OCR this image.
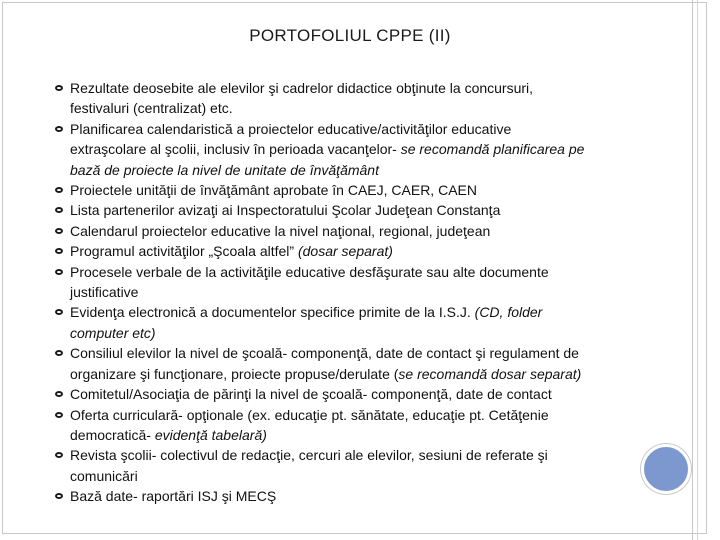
PORTOFOLIUL CPPE (II)
Rezultate deosebite ale elevilor şi cadrelor didactice obţinute la concursuri,
festivaluri (centralizat) etc.
Planificarea calendaristică a proiectelor educative/activităţilor educative
extraşcolare al şcolii, inclusiv în perioada vacanţelor- se recomandă planificarea pe
bază de proiecte la nivel de unitate de învăţământ
Proiectele unităţii de învăţământ aprobate în CAEJ, CAER, CAEN
Lista partenerilor avizaţi ai Inspectoratului Şcolar Judeţean Constanţa
Calendarul proiectelor educative la nivel naţional, regional, judeţean
Programul activităţilor „Şcoala altfel” (dosar separat)
Procesele verbale de la activităţile educative desfăşurate sau alte documente
justificative
Evidenţa electronică a documentelor specifice primite de la I.S.J. (CD, folder
computer etc)
Consiliul elevilor la nivel de şcoală- componenţă, date de contact şi regulament de
organizare şi funcţionare, proiecte propuse/derulate (se recomandă dosar separat)
Comitetul/Asociaţia de părinţi la nivel de şcoală- componenţă, date de contact
Oferta curriculară- opţionale (ex. educaţie pt. sănătate, educaţie pt. Cetăţenie
democratică- evidenţă tabelară)
Revista şcolii- colectivul de redacţie, cercuri ale elevilor, sesiuni de referate şi
comunicări
Bază date- raportări ISJ şi MECŞ
